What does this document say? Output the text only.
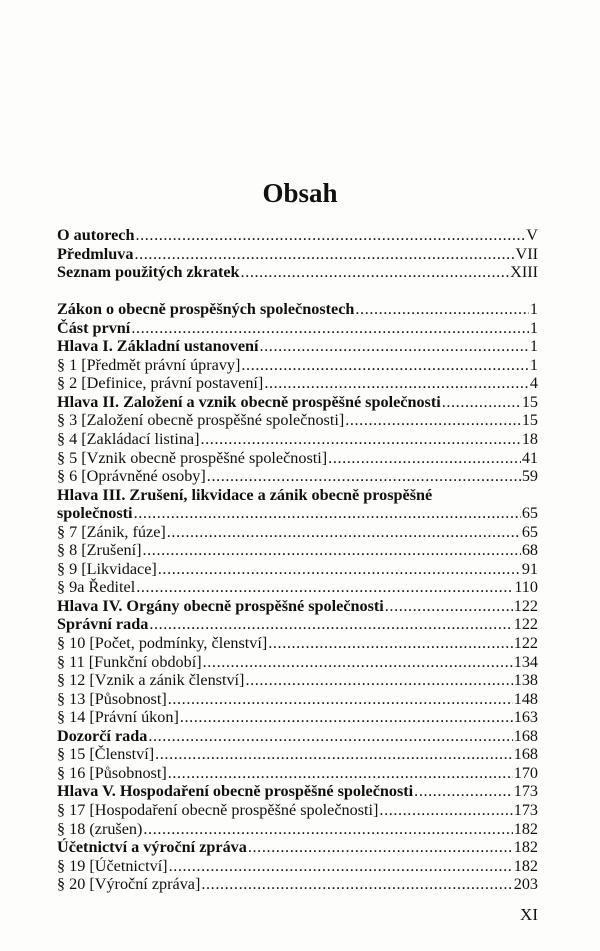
Obsah
O autorech .....	V
Předmluva .....	VII
Seznam použitých zkratek .....	XIII
Zákon o obecně prospěšných společnostech .....	1
Část první .....	1
Hlava I. Základní ustanovení .....	1
§ 1 [Předmět právní úpravy] .....	1
§ 2 [Definice, právní postavení] .....	4
Hlava II. Založení a vznik obecně prospěšné společnosti .....	15
§ 3 [Založení obecně prospěšné společnosti] .....	15
§ 4 [Zakládací listina] .....	18
§ 5 [Vznik obecně prospěšné společnosti] .....	41
§ 6 [Oprávněné osoby] .....	59
Hlava III. Zrušení, likvidace a zánik obecně prospěšné
společnosti .....	65
§ 7 [Zánik, fúze] .....	65
§ 8 [Zrušení] .....	68
§ 9 [Likvidace] .....	91
§ 9a Ředitel .....	110
Hlava IV. Orgány obecně prospěšné společnosti .....	122
Správní rada .....	122
§ 10 [Počet, podmínky, členství] .....	122
§ 11 [Funkční období] .....	134
§ 12 [Vznik a zánik členství] .....	138
§ 13 [Působnost] .....	148
§ 14 [Právní úkon] .....	163
Dozorčí rada .....	168
§ 15 [Členství] .....	168
§ 16 [Působnost] .....	170
Hlava V. Hospodaření obecně prospěšné společnosti .....	173
§ 17 [Hospodaření obecně prospěšné společnosti] .....	173
§ 18 (zrušen) .....	182
Účetnictví a výroční zpráva .....	182
§ 19 [Účetnictví] .....	182
§ 20 [Výroční zpráva] .....	203
XI
